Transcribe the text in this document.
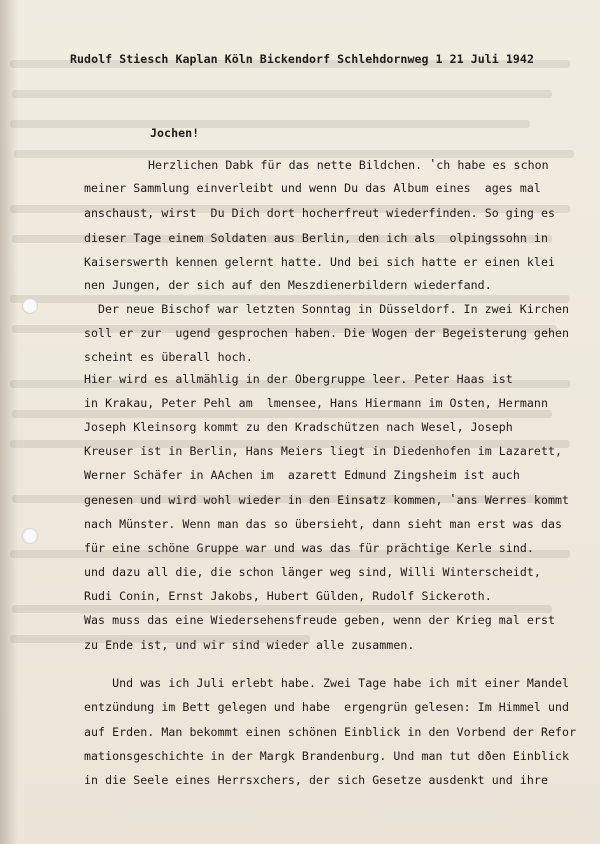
Rudolf Stiesch Kaplan Köln Bickendorf Schlehdornweg 1 21 Juli 1942
Jochen!
Herzlichen Dabk für das nette Bildchen. ʽch habe es schon
meiner Sammlung einverleibt und wenn Du das Album eines  ages mal
anschaust, wirst  Du Dich dort hocherfreut wiederfinden. So ging es
dieser Tage einem Soldaten aus Berlin, den ich als  olpingssohn in
Kaiserswerth kennen gelernt hatte. Und bei sich hatte er einen klei
nen Jungen, der sich auf den Meszdienerbildern wiederfand.
Der neue Bischof war letzten Sonntag in Düsseldorf. In zwei Kirchen
soll er zur  ugend gesprochen haben. Die Wogen der Begeisterung gehen
scheint es überall hoch.
Hier wird es allmählig in der Obergruppe leer. Peter Haas ist
in Krakau, Peter Pehl am  lmensee, Hans Hiermann im Osten, Hermann
Joseph Kleinsorg kommt zu den Kradschützen nach Wesel, Joseph
Kreuser ist in Berlin, Hans Meiers liegt in Diedenhofen im Lazarett,
Werner Schäfer in AAchen im  azarett Edmund Zingsheim ist auch
genesen und wird wohl wieder in den Einsatz kommen, ʽans Werres kommt
nach Münster. Wenn man das so übersieht, dann sieht man erst was das
für eine schöne Gruppe war und was das für prächtige Kerle sind.
und dazu all die, die schon länger weg sind, Willi Winterscheidt,
Rudi Conin, Ernst Jakobs, Hubert Gülden, Rudolf Sickeroth.
Was muss das eine Wiedersehensfreude geben, wenn der Krieg mal erst
zu Ende ist, und wir sind wieder alle zusammen.
Und was ich Juli erlebt habe. Zwei Tage habe ich mit einer Mandel
entzündung im Bett gelegen und habe  ergengrün gelesen: Im Himmel und
auf Erden. Man bekommt einen schönen Einblick in den Vorbend der Refor
mationsgeschichte in der Margk Brandenburg. Und man tut dðen Einblick
in die Seele eines Herrsxchers, der sich Gesetze ausdenkt und ihre
